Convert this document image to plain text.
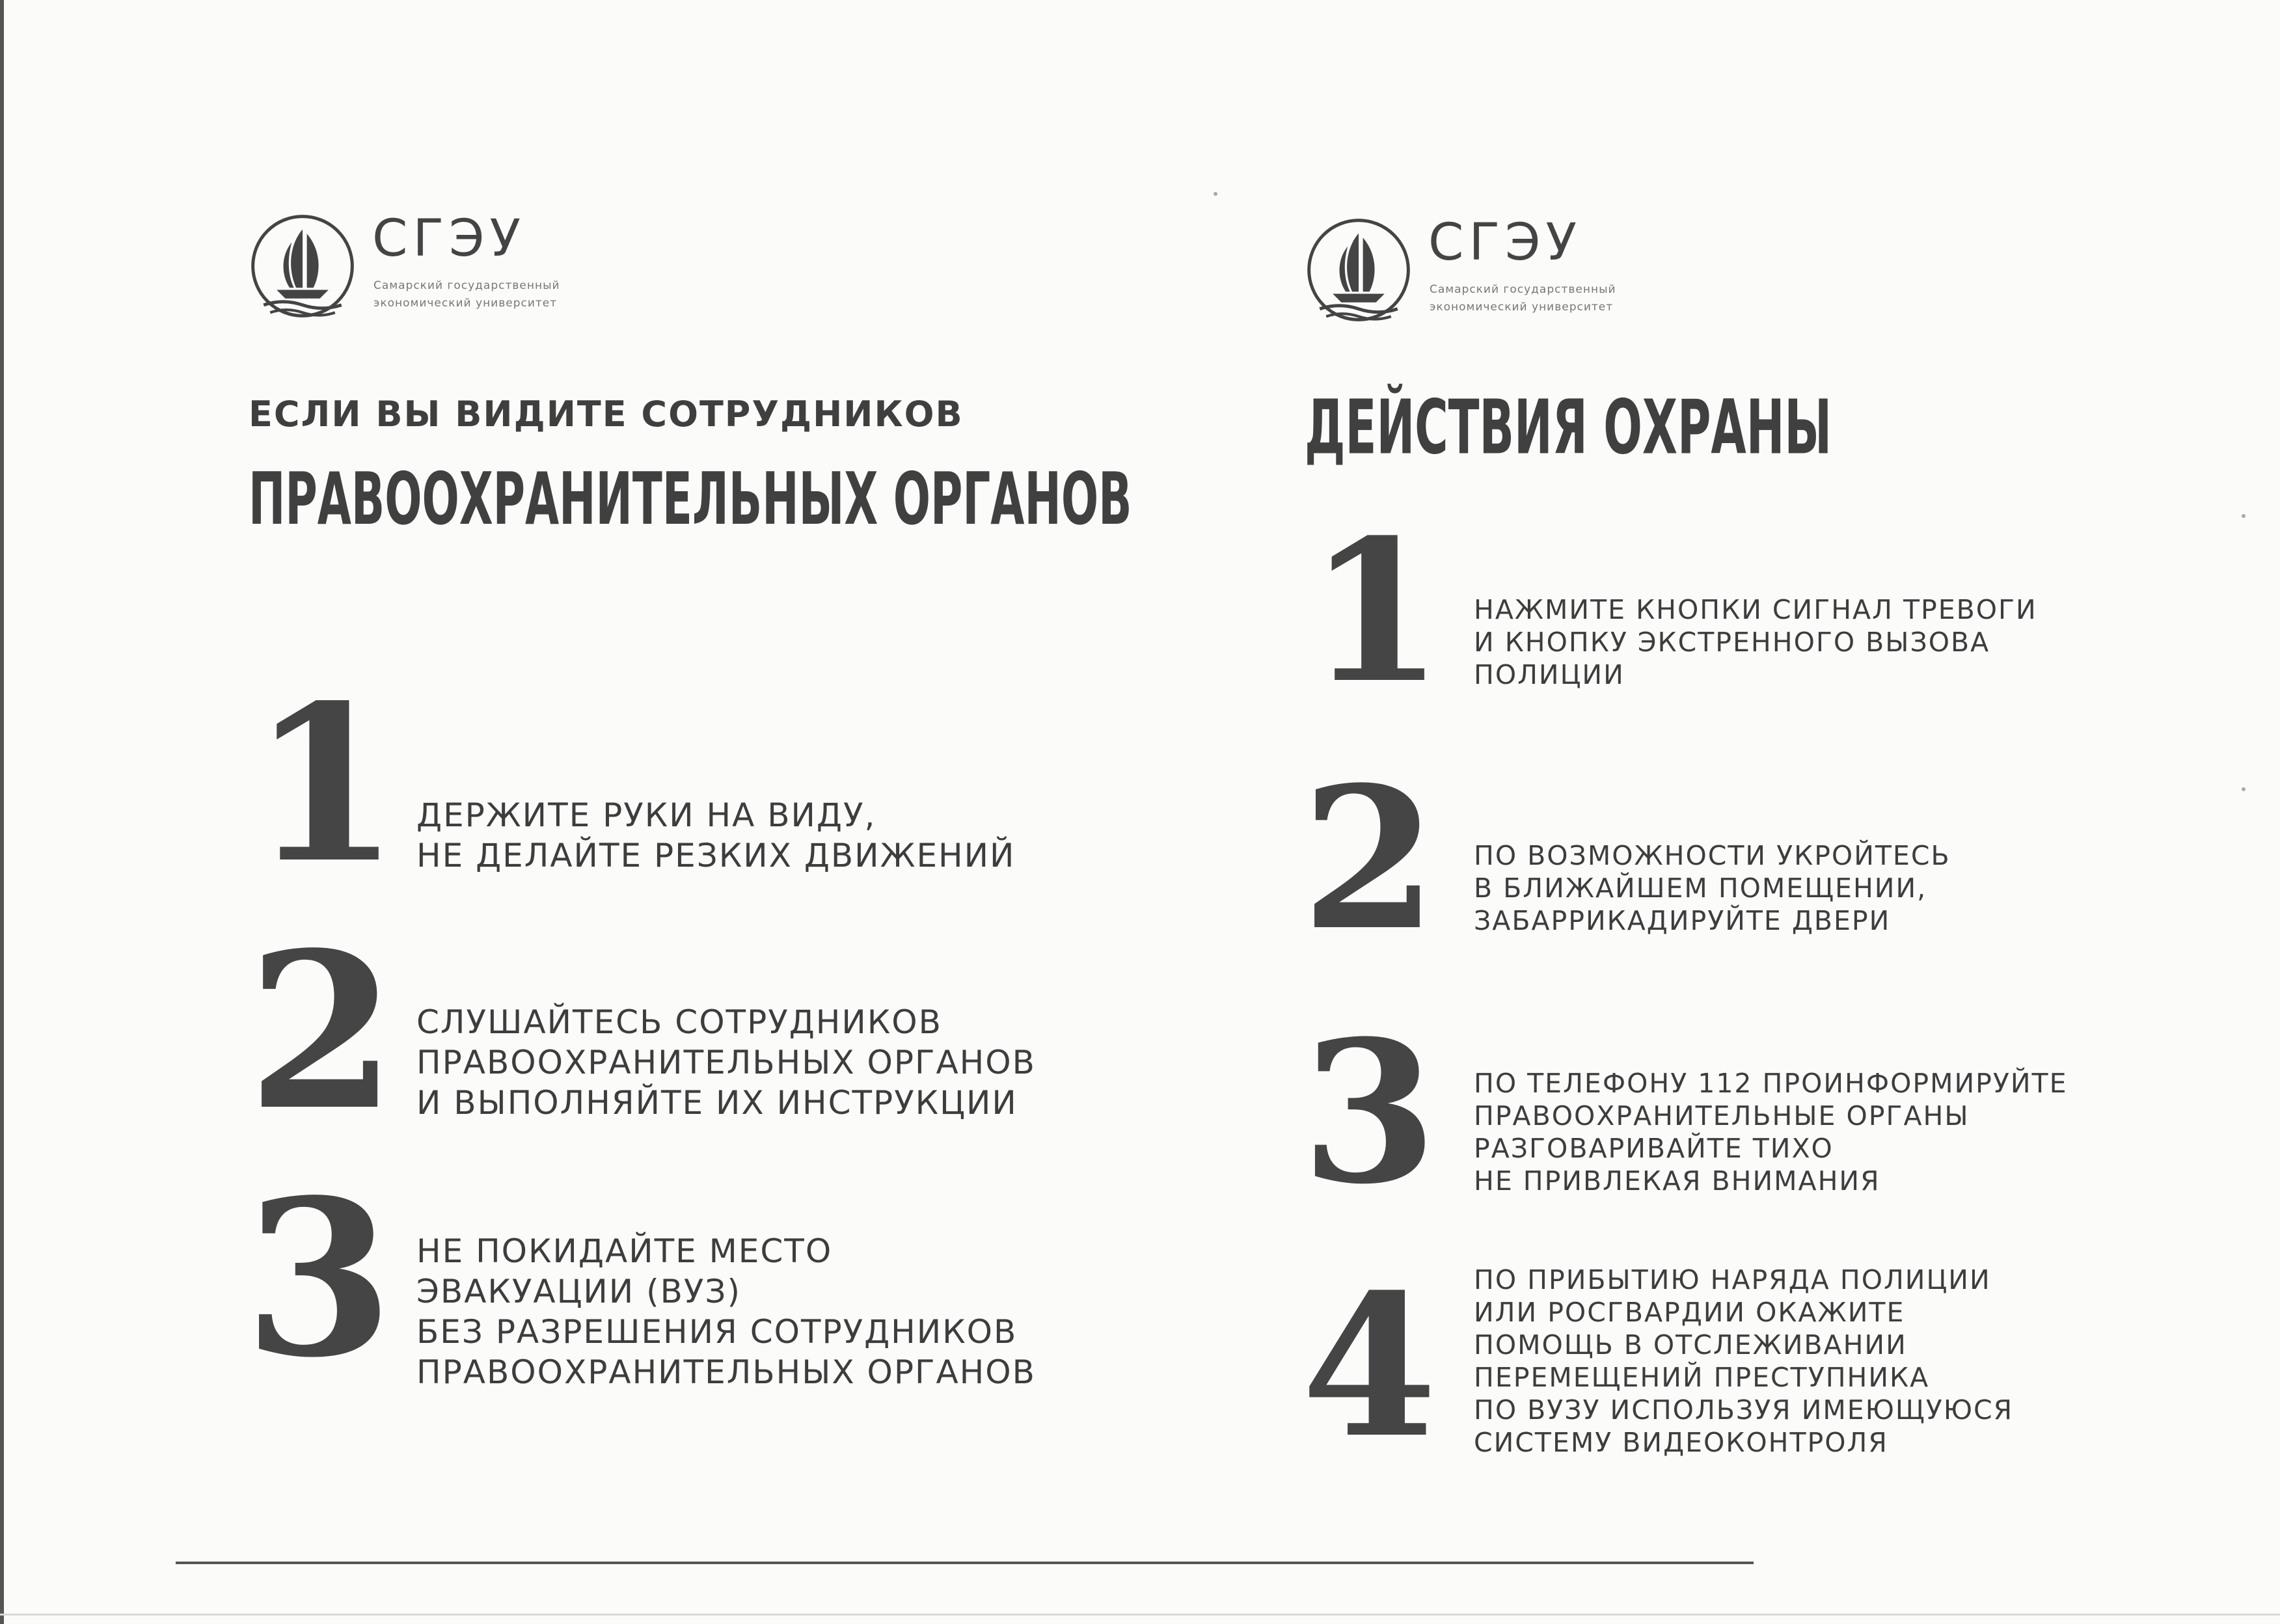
СГЭУ
Самарский государственный
экономический университет
ЕСЛИ ВЫ ВИДИТЕ СОТРУДНИКОВ
ПРАВООХРАНИТЕЛЬНЫХ ОРГАНОВ
1 ДЕРЖИТЕ РУКИ НА ВИДУ,
НЕ ДЕЛАЙТЕ РЕЗКИХ ДВИЖЕНИЙ
2 СЛУШАЙТЕСЬ СОТРУДНИКОВ
ПРАВООХРАНИТЕЛЬНЫХ ОРГАНОВ
И ВЫПОЛНЯЙТЕ ИХ ИНСТРУКЦИИ
3 НЕ ПОКИДАЙТЕ МЕСТО
ЭВАКУАЦИИ (ВУЗ)
БЕЗ РАЗРЕШЕНИЯ СОТРУДНИКОВ
ПРАВООХРАНИТЕЛЬНЫХ ОРГАНОВ
СГЭУ
Самарский государственный
экономический университет
ДЕЙСТВИЯ ОХРАНЫ
1 НАЖМИТЕ КНОПКИ СИГНАЛ ТРЕВОГИ
И КНОПКУ ЭКСТРЕННОГО ВЫЗОВА
ПОЛИЦИИ
2 ПО ВОЗМОЖНОСТИ УКРОЙТЕСЬ
В БЛИЖАЙШЕМ ПОМЕЩЕНИИ,
ЗАБАРРИКАДИРУЙТЕ ДВЕРИ
3 ПО ТЕЛЕФОНУ 112 ПРОИНФОРМИРУЙТЕ
ПРАВООХРАНИТЕЛЬНЫЕ ОРГАНЫ
РАЗГОВАРИВАЙТЕ ТИХО
НЕ ПРИВЛЕКАЯ ВНИМАНИЯ
4 ПО ПРИБЫТИЮ НАРЯДА ПОЛИЦИИ
ИЛИ РОСГВАРДИИ ОКАЖИТЕ
ПОМОЩЬ В ОТСЛЕЖИВАНИИ
ПЕРЕМЕЩЕНИЙ ПРЕСТУПНИКА
ПО ВУЗУ ИСПОЛЬЗУЯ ИМЕЮЩУЮСЯ
СИСТЕМУ ВИДЕОКОНТРОЛЯ
